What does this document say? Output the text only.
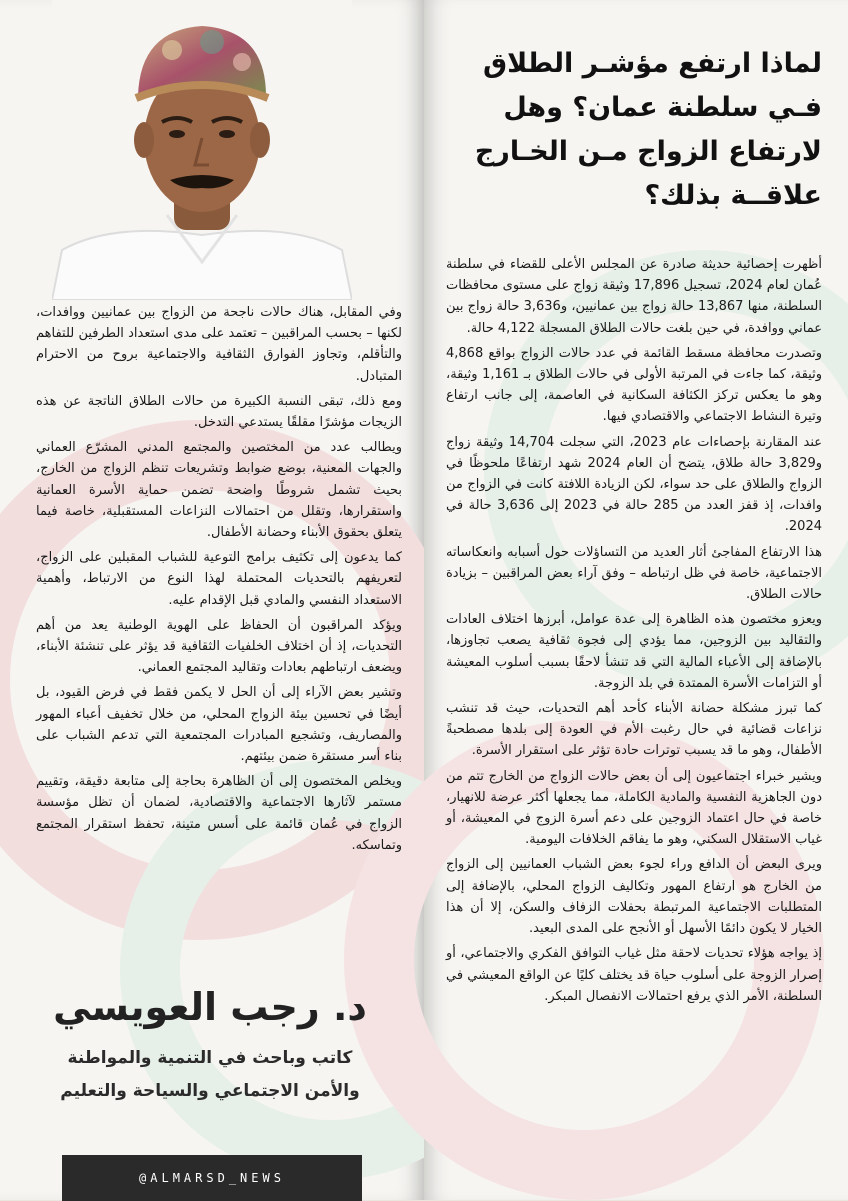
لماذا ارتفع مؤشـر الطلاق فـي سلطنة عمان؟ وهل لارتفاع الزواج مـن الخـارج علاقــة بذلك؟

أظهرت إحصائية حديثة صادرة عن المجلس الأعلى للقضاء في سلطنة عُمان لعام 2024، تسجيل 17,896 وثيقة زواج على مستوى محافظات السلطنة، منها 13,867 حالة زواج بين عمانيين، و3,636 حالة زواج بين عماني ووافدة، في حين بلغت حالات الطلاق المسجلة 4,122 حالة.

وتصدرت محافظة مسقط القائمة في عدد حالات الزواج بواقع 4,868 وثيقة، كما جاءت في المرتبة الأولى في حالات الطلاق بـ 1,161 وثيقة، وهو ما يعكس تركز الكثافة السكانية في العاصمة، إلى جانب ارتفاع وتيرة النشاط الاجتماعي والاقتصادي فيها.

عند المقارنة بإحصاءات عام 2023، التي سجلت 14,704 وثيقة زواج و3,829 حالة طلاق، يتضح أن العام 2024 شهد ارتفاعًا ملحوظًا في الزواج والطلاق على حد سواء، لكن الزيادة اللافتة كانت في الزواج من وافدات، إذ قفز العدد من 285 حالة في 2023 إلى 3,636 حالة في 2024.

هذا الارتفاع المفاجئ أثار العديد من التساؤلات حول أسبابه وانعكاساته الاجتماعية، خاصة في ظل ارتباطه – وفق آراء بعض المراقبين – بزيادة حالات الطلاق.

ويعزو مختصون هذه الظاهرة إلى عدة عوامل، أبرزها اختلاف العادات والتقاليد بين الزوجين، مما يؤدي إلى فجوة ثقافية يصعب تجاوزها، بالإضافة إلى الأعباء المالية التي قد تنشأ لاحقًا بسبب أسلوب المعيشة أو التزامات الأسرة الممتدة في بلد الزوجة.

كما تبرز مشكلة حضانة الأبناء كأحد أهم التحديات، حيث قد تنشب نزاعات قضائية في حال رغبت الأم في العودة إلى بلدها مصطحبةً الأطفال، وهو ما قد يسبب توترات حادة تؤثر على استقرار الأسرة.

ويشير خبراء اجتماعيون إلى أن بعض حالات الزواج من الخارج تتم من دون الجاهزية النفسية والمادية الكاملة، مما يجعلها أكثر عرضة للانهيار، خاصة في حال اعتماد الزوجين على دعم أسرة الزوج في المعيشة، أو غياب الاستقلال السكني، وهو ما يفاقم الخلافات اليومية.

ويرى البعض أن الدافع وراء لجوء بعض الشباب العمانيين إلى الزواج من الخارج هو ارتفاع المهور وتكاليف الزواج المحلي، بالإضافة إلى المتطلبات الاجتماعية المرتبطة بحفلات الزفاف والسكن، إلا أن هذا الخيار لا يكون دائمًا الأسهل أو الأنجح على المدى البعيد.

إذ يواجه هؤلاء تحديات لاحقة مثل غياب التوافق الفكري والاجتماعي، أو إصرار الزوجة على أسلوب حياة قد يختلف كليًا عن الواقع المعيشي في السلطنة، الأمر الذي يرفع احتمالات الانفصال المبكر.

وفي المقابل، هناك حالات ناجحة من الزواج بين عمانيين ووافدات، لكنها – بحسب المراقبين – تعتمد على مدى استعداد الطرفين للتفاهم والتأقلم، وتجاوز الفوارق الثقافية والاجتماعية بروح من الاحترام المتبادل.

ومع ذلك، تبقى النسبة الكبيرة من حالات الطلاق الناتجة عن هذه الزيجات مؤشرًا مقلقًا يستدعي التدخل.

ويطالب عدد من المختصين والمجتمع المدني المشرّع العماني والجهات المعنية، بوضع ضوابط وتشريعات تنظم الزواج من الخارج، بحيث تشمل شروطًا واضحة تضمن حماية الأسرة العمانية واستقرارها، وتقلل من احتمالات النزاعات المستقبلية، خاصة فيما يتعلق بحقوق الأبناء وحضانة الأطفال.

كما يدعون إلى تكثيف برامج التوعية للشباب المقبلين على الزواج، لتعريفهم بالتحديات المحتملة لهذا النوع من الارتباط، وأهمية الاستعداد النفسي والمادي قبل الإقدام عليه.

ويؤكد المراقبون أن الحفاظ على الهوية الوطنية يعد من أهم التحديات، إذ أن اختلاف الخلفيات الثقافية قد يؤثر على تنشئة الأبناء، ويضعف ارتباطهم بعادات وتقاليد المجتمع العماني.

وتشير بعض الآراء إلى أن الحل لا يكمن فقط في فرض القيود، بل أيضًا في تحسين بيئة الزواج المحلي، من خلال تخفيف أعباء المهور والمصاريف، وتشجيع المبادرات المجتمعية التي تدعم الشباب على بناء أسر مستقرة ضمن بيئتهم.

ويخلص المختصون إلى أن الظاهرة بحاجة إلى متابعة دقيقة، وتقييم مستمر لآثارها الاجتماعية والاقتصادية، لضمان أن تظل مؤسسة الزواج في عُمان قائمة على أسس متينة، تحفظ استقرار المجتمع وتماسكه.

د. رجب العويسي
كاتب وباحث في التنمية والمواطنة
والأمن الاجتماعي والسياحة والتعليم
@ALMARSD_NEWS
